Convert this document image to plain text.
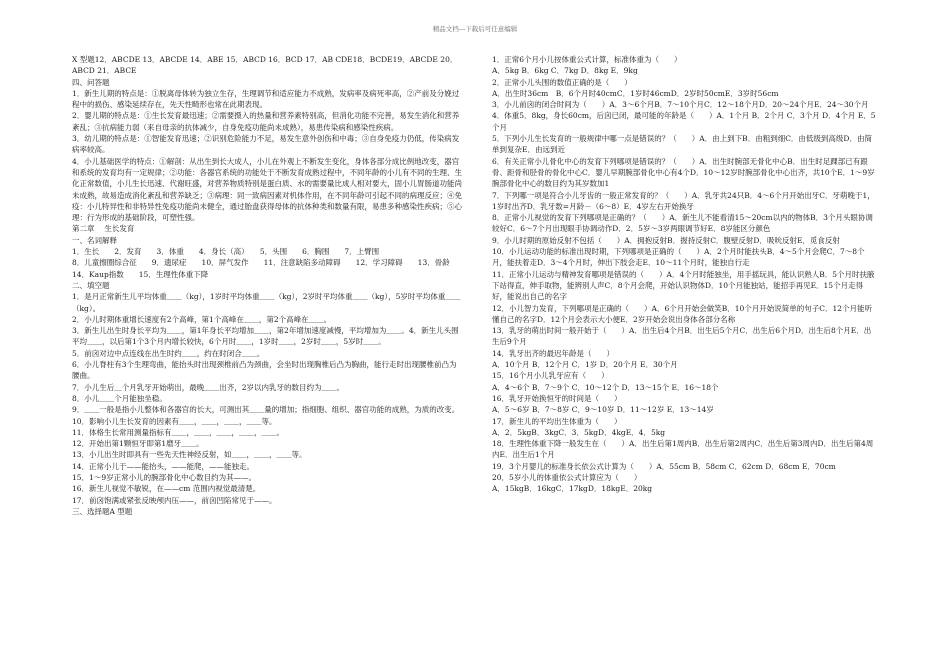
精品文档---下载后可任意编辑

X 型题12．ABCDE 13．ABCDE 14．ABE 15．ABCD 16．BCD 17．AB CDE18．BCDE19．ABCDE 20．ABCD 21．ABCE

四、问答题

1．新生儿期的特点是：①脱离母体转为独立生存，生理调节和适应能力不成熟，发病率及病死率高，②产前及分娩过程中的损伤、感染延续存在，先天性畸形也常在此期表现。

2．婴儿期的特点是：①生长发育最迅速；②需要摄入的热量和营养素特别高，但消化功能不完善，易发生消化和营养紊乱；③抗病能力弱（来自母亲的抗体减少，自身免疫功能尚未成熟），易患传染病和感染性疾病。

3．幼儿期的特点是：①智能发育迅速；②识别危险能力不足，易发生意外创伤和中毒；③自身免疫力仍低，传染病发病率较高。

4．小儿基础医学的特点：①解剖：从出生到长大成人，小儿在外观上不断发生变化，身体各部分成比例地改变，器官和系统的发育均有一定规律；②功能：各器官系统的功能处于不断发育成熟过程中，不同年龄的小儿有不同的生理、生化正常数值，小儿生长迅速、代谢旺盛，对营养物质特别是蛋白质、水的需要量比成人相对要大，固小儿胃肠道功能尚未成熟，故易造成消化紊乱和营养缺乏；③病理：同一致病因素对机体作用，在不同年龄可引起不同的病理反应；④免疫：小儿特异性和非特异性免疫功能尚未健全，通过胎盘获得母体的抗体种类和数量有限，易患多种感染性疾病；⑤心理：行为形成的基础阶段，可塑性强。

第二章　 生长发育

一、名词解释

1．生长　　2．发育　　3．体重　　4．身长（高）　　5．头围　　6．胸围　　7．上臂围

8．儿童擦圈综合征　　9．遗尿症　　10．屏气发作　　11．注意缺陷多动障碍　　12．学习障碍　　13．骨龄　　14．Kaup指数　　15．生理性体重下降

二、填空题

1．是月正常新生儿平均体重＿＿（kg），1岁时平均体重＿＿（kg），2岁时平均体重＿＿（kg），5岁时平均体重＿＿（kg）。

2．小儿时期体重增长速度有2个高峰，第1个高峰在＿＿，第2个高峰在＿＿。

3．新生儿出生时身长平均为＿＿，第1年身长平均增加＿＿，第2年增加速度减慢，平均增加为＿＿。4．新生儿头围平均＿＿，以后第1个3个月内增长较快，6个月时＿＿，1岁时＿＿，2岁时＿＿，5岁时＿＿。

5．前囟对边中点连线在出生时约＿＿，约在时闭合＿＿。

6．小儿脊柱有3个生理弯曲，能抬头时出现颈椎前凸为颈曲，会坐时出现胸椎后凸为胸曲，能行走时出现腰椎前凸为腰曲。

7．小儿生后＿个月乳牙开始萌出，最晚＿＿出齐，2岁以内乳牙的数目约为＿＿。

8．小儿＿＿个月能独坐稳。

9．＿＿一般是指小儿整体和各器官的长大，可测出其＿＿量的增加；指细胞、组织、器官功能的成熟，为质的改变。

10．影响小儿生长发育的因素有＿＿，＿＿，＿＿，＿＿等。

11．体格生长常用测量指标有＿＿，＿＿，＿＿，＿＿，＿＿。

12．开始出第1颗恒牙即第1磨牙＿＿。

13．小儿出生时即具有一些先天性神经反射，如＿＿，＿＿，＿＿等。

14．正常小儿于——能抬头，——能爬，——能独走。

15．1～9岁正常小儿的腕部骨化中心数目约为其——。

16．新生儿视觉不敏锐，在——cm 范围内视觉最清楚。

17．前囟饱满或紧张反映颅内压——，前囟凹陷常见于——。

三、选择题A 型题

1．正常6个月小儿按体重公式计算，标准体重为（　　）

A．5kg B．6kg C．7kg D．8kg E．9kg

2．正常小儿头围的数值正确的是（　　）

A．出生时36cm　B．6个月时40cmC．1岁时46cmD．2岁时50cmE．3岁时56cm

3．小儿前囟的闭合时间为（　　）A．3～6个月B．7～10个月C．12～18个月D．20～24个月E．24～30个月

4．体重5．8kg，身长60cm，后囟已闭，最可能的年龄是（　　）A．1个月 B．2个月 C．3个月 D．4个月 E．5个月

5．下列小儿生长发育的一般规律中哪一点是错误的？（　　）A．由上到下B．由粗到细C．由低级到高级D．由简单到复杂E．由远到近

6．有关正常小儿骨化中心的发育下列哪项是错误的？（　　）A．出生时腕部无骨化中心B．出生时足踝部已有跟骨、距骨和胫骨的骨化中心C．婴儿早期腕部骨化中心有4个D．10～12岁时腕部骨化中心出齐，共10个E．1～9岁腕部骨化中心的数目约为其岁数加1

7．下列哪一项是符合小儿牙齿的一般正常发育的？（　　）A．乳牙共24只B．4～6个月开始出牙C．牙萌晚于1，1岁时出齐D．乳牙数=月龄－（6～8）E．4岁左右开始换牙

8．正常小儿视觉的发育下列哪项是正确的？（　　）A．新生儿不能看清15～20cm以内的物体B．3个月头眼协调较好C．6～7个月出现眼手协调动作D．2．5岁～3岁两眼调节好E．8岁能区分颜色

9．小儿时期的原始反射不包括（　　）A．拥抱反射B．握持反射C．腹壁反射D．吸吮反射E．觅食反射

10．小儿运动功能的标准出现时期，下列哪项是正确的（　　）A．2个月时能扶头B．4～5个月会爬C．7～8个月，能扶着走D．3～4个月时，伸出下肢会走E．10～11个月时，能独自行走

11．正常小儿运动与精神发育哪项是错误的（　　）A．4个月时能独坐，用手摇玩具，能认识熟人B．5个月时扶腋下站得直，伸手取物，能辨别人声C．8个月会爬，开始认识物体D．10个月能独站，能招手再见E．15个月走得好，能说出自己的名字

12．小儿智力发育，下列哪项是正确的（　　）A．6个月开始会做笑B．10个月开始说简单的句子C．12个月能听懂自己的名字D．12个月会表示大小便E．2岁开始会说出身体各部分名称

13．乳牙的萌出时间一般开始于（　　）A．出生后4个月B．出生后5个月C．出生后6个月D．出生后8个月E．出生后9个月

14．乳牙出齐的最迟年龄是（　　）

A．10个月 B．12个月 C．1岁 D．20个月 E．30个月

15．16个月小儿乳牙应有（　　）

A．4～6个 B．7～9个 C．10～12个 D．13～15个 E．16～18个

16．乳牙开始换恒牙的时间是（　　）

A．5～6岁 B．7～8岁 C．9～10岁 D．11～12岁 E．13～14岁

17．新生儿的平均出生体重为（　　）

A．2．5kgB．3kgC．3．5kgD．4kgE．4．5kg

18．生理性体重下降一般发生在（　　）A．出生后第1周内B．出生后第2周内C．出生后第3周内D．出生后第4周内E．出生后1个月

19．3个月婴儿的标准身长依公式计算为（　　）A．55cm B．58cm C．62cm D．68cm E．70cm

20．5岁小儿的体重依公式计算应为（　　）

A．15kgB．16kgC．17kgD．18kgE．20kg
